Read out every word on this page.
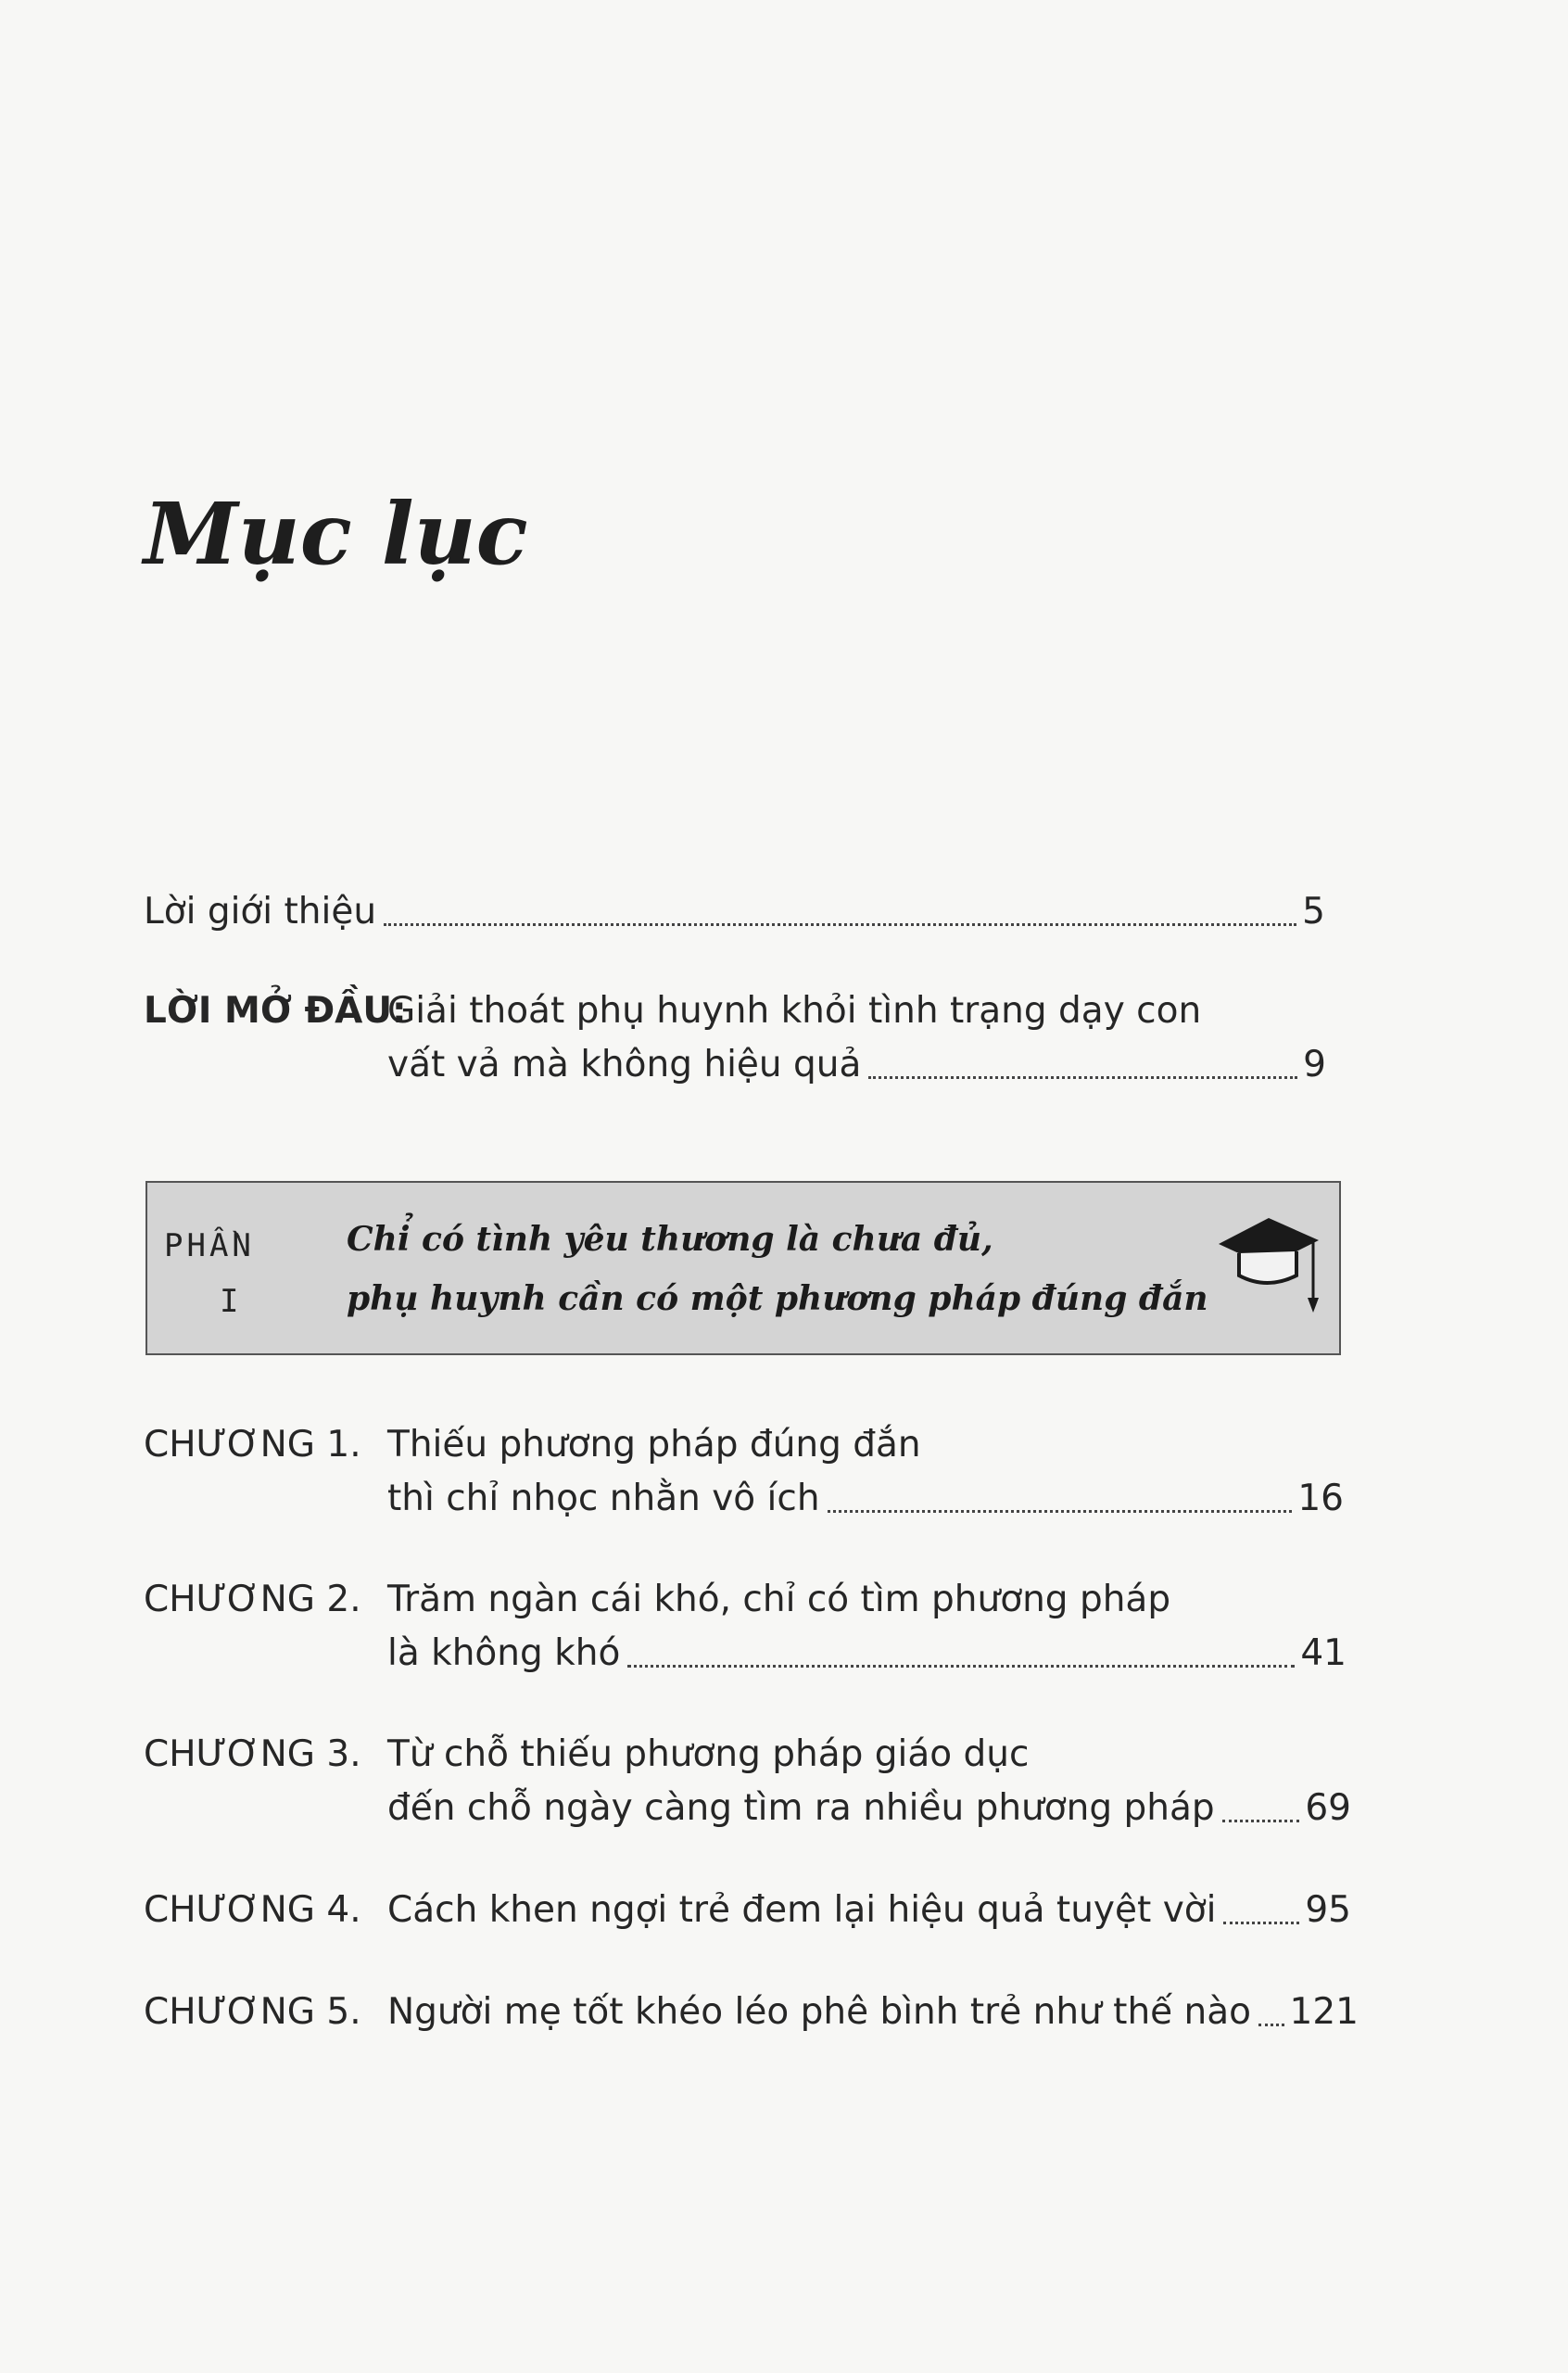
Mục lục
Lời giới thiệu	5
LỜI MỞ ĐẦU:
Giải thoát phụ huynh khỏi tình trạng dạy con
vất vả mà không hiệu quả	9
PHẦN
I
Chỉ có tình yêu thương là chưa đủ,
phụ huynh cần có một phương pháp đúng đắn
CHƯƠNG 1. Thiếu phương pháp đúng đắn
thì chỉ nhọc nhằn vô ích	16
CHƯƠNG 2. Trăm ngàn cái khó, chỉ có tìm phương pháp
là không khó	41
CHƯƠNG 3. Từ chỗ thiếu phương pháp giáo dục
đến chỗ ngày càng tìm ra nhiều phương pháp	69
CHƯƠNG 4. Cách khen ngợi trẻ đem lại hiệu quả tuyệt vời 95
CHƯƠNG 5. Người mẹ tốt khéo léo phê bình trẻ như thế nào 121
